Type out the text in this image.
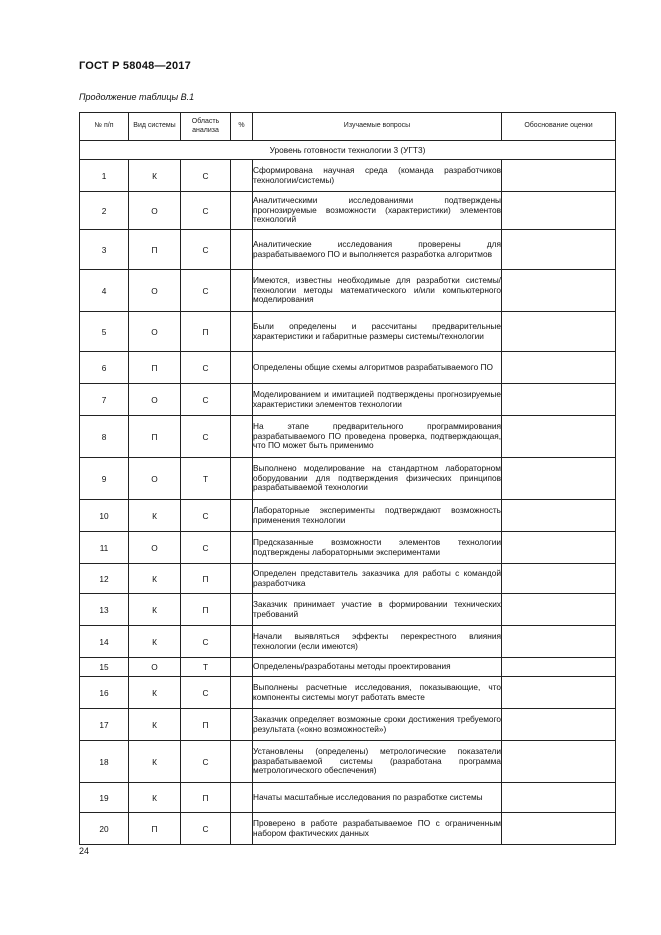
ГОСТ Р 58048—2017
Продолжение таблицы В.1
№ п/п	Вид системы	Область анализа	%	Изучаемые вопросы	Обоснование оценки
Уровень готовности технологии 3 (УГТ3)					
1	К	С		Сформирована научная среда (команда разработчиков технологии/системы)	
2	О	С		Аналитическими исследованиями подтверждены прогнозируемые возможности (характеристики) элементов технологий	
3	П	С		Аналитические исследования проверены для разрабатываемого ПО и выполняется разработка алгоритмов	
4	О	С		Имеются, известны необходимые для разработки системы/технологии методы математического и/или компьютерного моделирования	
5	О	П		Были определены и рассчитаны предварительные характеристики и габаритные размеры системы/технологии	
6	П	С		Определены общие схемы алгоритмов разрабатываемого ПО	
7	О	С		Моделированием и имитацией подтверждены прогнозируемые характеристики элементов технологии	
8	П	С		На этапе предварительного программирования разрабатываемого ПО проведена проверка, подтверждающая, что ПО может быть применимо	
9	О	Т		Выполнено моделирование на стандартном лабораторном оборудовании для подтверждения физических принципов разрабатываемой технологии	
10	К	С		Лабораторные эксперименты подтверждают возможность применения технологии	
11	О	С		Предсказанные возможности элементов технологии подтверждены лабораторными экспериментами	
12	К	П		Определен представитель заказчика для работы с командой разработчика	
13	К	П		Заказчик принимает участие в формировании технических требований	
14	К	С		Начали выявляться эффекты перекрестного влияния технологии (если имеются)	
15	О	Т		Определены/разработаны методы проектирования	
16	К	С		Выполнены расчетные исследования, показывающие, что компоненты системы могут работать вместе	
17	К	П		Заказчик определяет возможные сроки достижения требуемого результата («окно возможностей»)	
18	К	С		Установлены (определены) метрологические показатели разрабатываемой системы (разработана программа метрологического обеспечения)	
19	К	П		Начаты масштабные исследования по разработке системы	
20	П	С		Проверено в работе разрабатываемое ПО с ограниченным набором фактических данных	
24
